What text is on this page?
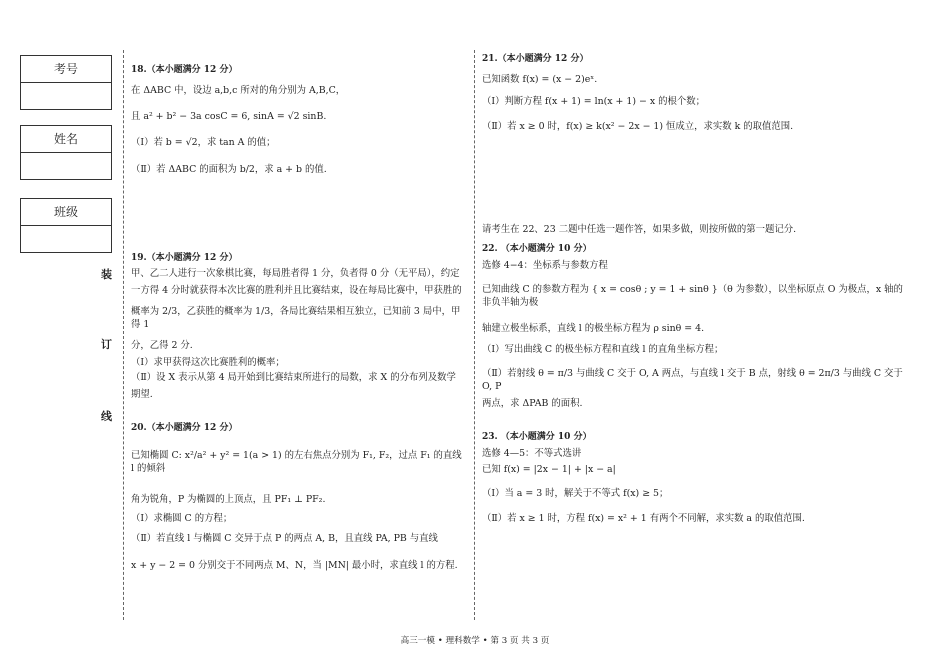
考号
姓名
班级
装
订
线

18.（本小题满分 12 分）

在 ΔABC 中，设边 a,b,c 所对的角分别为 A,B,C，

且 a² + b² − 3a cosC = 6, sinA = √2 sinB.

（Ⅰ）若 b = √2，求 tan A 的值；

（Ⅱ）若 ΔABC 的面积为 b/2，求 a + b 的值.

19.（本小题满分 12 分）

甲、乙二人进行一次象棋比赛，每局胜者得 1 分，负者得 0 分（无平局），约定

一方得 4 分时就获得本次比赛的胜利并且比赛结束，设在每局比赛中，甲获胜的

概率为 2/3，乙获胜的概率为 1/3，各局比赛结果相互独立，已知前 3 局中，甲得 1

分，乙得 2 分.

（Ⅰ）求甲获得这次比赛胜利的概率；

（Ⅱ）设 X 表示从第 4 局开始到比赛结束所进行的局数，求 X 的分布列及数学

期望.

20.（本小题满分 12 分）

已知椭圆 C: x²/a² + y² = 1(a > 1) 的左右焦点分别为 F₁, F₂，过点 F₁ 的直线 l 的倾斜

角为锐角，P 为椭圆的上顶点，且 PF₁ ⊥ PF₂.

（Ⅰ）求椭圆 C 的方程；

（Ⅱ）若直线 l 与椭圆 C 交异于点 P 的两点 A, B，且直线 PA, PB 与直线

x + y − 2 = 0 分别交于不同两点 M、N，当 |MN| 最小时，求直线 l 的方程.

21.（本小题满分 12 分）

已知函数 f(x) = (x − 2)eˣ.

（Ⅰ）判断方程 f(x + 1) = ln(x + 1) − x 的根个数；

（Ⅱ）若 x ≥ 0 时，f(x) ≥ k(x² − 2x − 1) 恒成立，求实数 k 的取值范围.

请考生在 22、23 二题中任选一题作答，如果多做，则按所做的第一题记分.

22. （本小题满分 10 分）

选修 4−4：坐标系与参数方程

已知曲线 C 的参数方程为 { x = cosθ ; y = 1 + sinθ }（θ 为参数），以坐标原点 O 为极点，x 轴的非负半轴为极

轴建立极坐标系，直线 l 的极坐标方程为 ρ sinθ = 4.

（Ⅰ）写出曲线 C 的极坐标方程和直线 l 的直角坐标方程；

（Ⅱ）若射线 θ = π/3 与曲线 C 交于 O, A 两点，与直线 l 交于 B 点，射线 θ = 2π/3 与曲线 C 交于 O, P

两点，求 ΔPAB 的面积.

23. （本小题满分 10 分）

选修 4—5：不等式选讲

已知 f(x) = |2x − 1| + |x − a|

（Ⅰ）当 a = 3 时，解关于不等式 f(x) ≥ 5；

（Ⅱ）若 x ≥ 1 时，方程 f(x) = x² + 1 有两个不同解，求实数 a 的取值范围.

高三一模 • 理科数学 • 第 3 页 共 3 页
